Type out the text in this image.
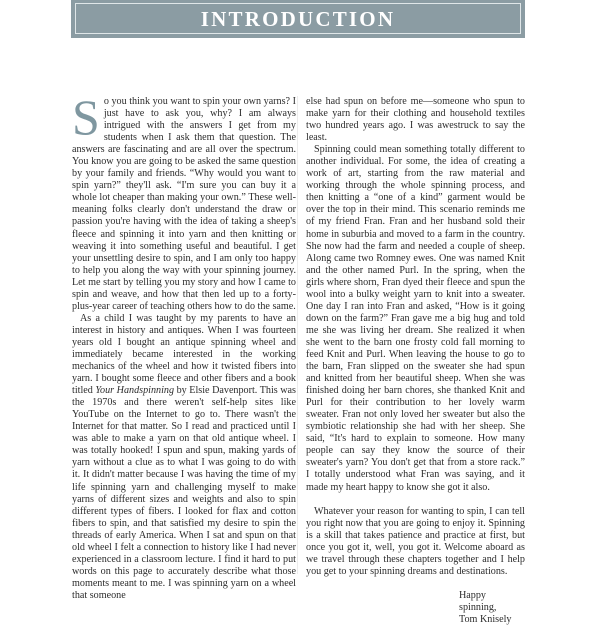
INTRODUCTION

So you think you want to spin your own yarns? I just have to ask you, why? I am always intrigued with the answers I get from my students when I ask them that question. The answers are fascinating and are all over the spectrum. You know you are going to be asked the same question by your family and friends. “Why would you want to spin yarn?” they'll ask. “I'm sure you can buy it a whole lot cheaper than making your own.” These well-meaning folks clearly don't understand the draw or passion you're having with the idea of taking a sheep's fleece and spinning it into yarn and then knitting or weaving it into something useful and beautiful. I get your unsettling desire to spin, and I am only too happy to help you along the way with your spinning journey. Let me start by telling you my story and how I came to spin and weave, and how that then led up to a forty-plus-year career of teaching others how to do the same.

As a child I was taught by my parents to have an interest in history and antiques. When I was fourteen years old I bought an antique spinning wheel and immediately became interested in the working mechanics of the wheel and how it twisted fibers into yarn. I bought some fleece and other fibers and a book titled Your Handspinning by Elsie Davenport. This was the 1970s and there weren't self-help sites like YouTube on the Internet to go to. There wasn't the Internet for that matter. So I read and practiced until I was able to make a yarn on that old antique wheel. I was totally hooked! I spun and spun, making yards of yarn without a clue as to what I was going to do with it. It didn't matter because I was having the time of my life spinning yarn and challenging myself to make yarns of different sizes and weights and also to spin different types of fibers. I looked for flax and cotton fibers to spin, and that satisfied my desire to spin the threads of early America. When I sat and spun on that old wheel I felt a connection to history like I had never experienced in a classroom lecture. I find it hard to put words on this page to accurately describe what those moments meant to me. I was spinning yarn on a wheel that someone

else had spun on before me—someone who spun to make yarn for their clothing and household textiles two hundred years ago. I was awestruck to say the least.

Spinning could mean something totally different to another individual. For some, the idea of creating a work of art, starting from the raw material and working through the whole spinning process, and then knitting a “one of a kind” garment would be over the top in their mind. This scenario reminds me of my friend Fran. Fran and her husband sold their home in suburbia and moved to a farm in the country. She now had the farm and needed a couple of sheep. Along came two Romney ewes. One was named Knit and the other named Purl. In the spring, when the girls where shorn, Fran dyed their fleece and spun the wool into a bulky weight yarn to knit into a sweater. One day I ran into Fran and asked, “How is it going down on the farm?” Fran gave me a big hug and told me she was living her dream. She realized it when she went to the barn one frosty cold fall morning to feed Knit and Purl. When leaving the house to go to the barn, Fran slipped on the sweater she had spun and knitted from her beautiful sheep. When she was finished doing her barn chores, she thanked Knit and Purl for their contribution to her lovely warm sweater. Fran not only loved her sweater but also the symbiotic relationship she had with her sheep. She said, “It's hard to explain to someone. How many people can say they know the source of their sweater's yarn? You don't get that from a store rack.” I totally understood what Fran was saying, and it made my heart happy to know she got it also.

Whatever your reason for wanting to spin, I can tell you right now that you are going to enjoy it. Spinning is a skill that takes patience and practice at first, but once you got it, well, you got it. Welcome aboard as we travel through these chapters together and I help you get to your spinning dreams and destinations.

Happy spinning,
Tom Knisely
